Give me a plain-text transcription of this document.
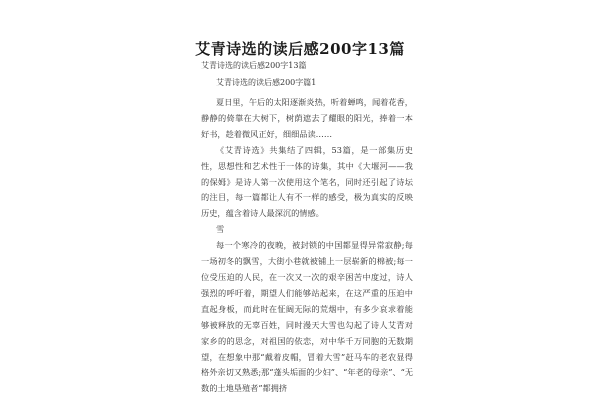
艾青诗选的读后感200字13篇
艾青诗选的读后感200字13篇
艾青诗选的读后感200字篇1

夏日里，午后的太阳逐渐炎热，听着蝉鸣，闻着花香，静静的倚靠在大树下，树荫遮去了耀眼的阳光，捧着一本好书，趁着微风正好，细细品读……

《艾青诗选》共集结了四辑，53篇，是一部集历史性，思想性和艺术性于一体的诗集，其中《大堰河——我的保姆》是诗人第一次使用这个笔名，同时还引起了诗坛的注目，每一篇都让人有不一样的感受，极为真实的反映历史，蕴含着诗人最深沉的情感。

雪

每一个寒冷的夜晚，被封锁的中国都显得异常寂静;每一场初冬的飘雪，大街小巷就被铺上一层崭新的棉被;每一位受压迫的人民，在一次又一次的艰辛困苦中度过，诗人强烈的呼吁着，期望人们能够站起来，在这严重的压迫中直起身板，而此时在怔阔无际的荒烟中，有多少哀求着能够被释放的无辜百姓，同时漫天大雪也勾起了诗人艾青对家乡的的思念，对祖国的依恋，对中华千万同胞的无数期望，在想象中那“戴着皮帽，冒着大雪”赶马车的老农显得格外亲切又熟悉;那“蓬头垢面的少妇”、“年老的母亲”、“无数的土地垦殖者”都拥挤
